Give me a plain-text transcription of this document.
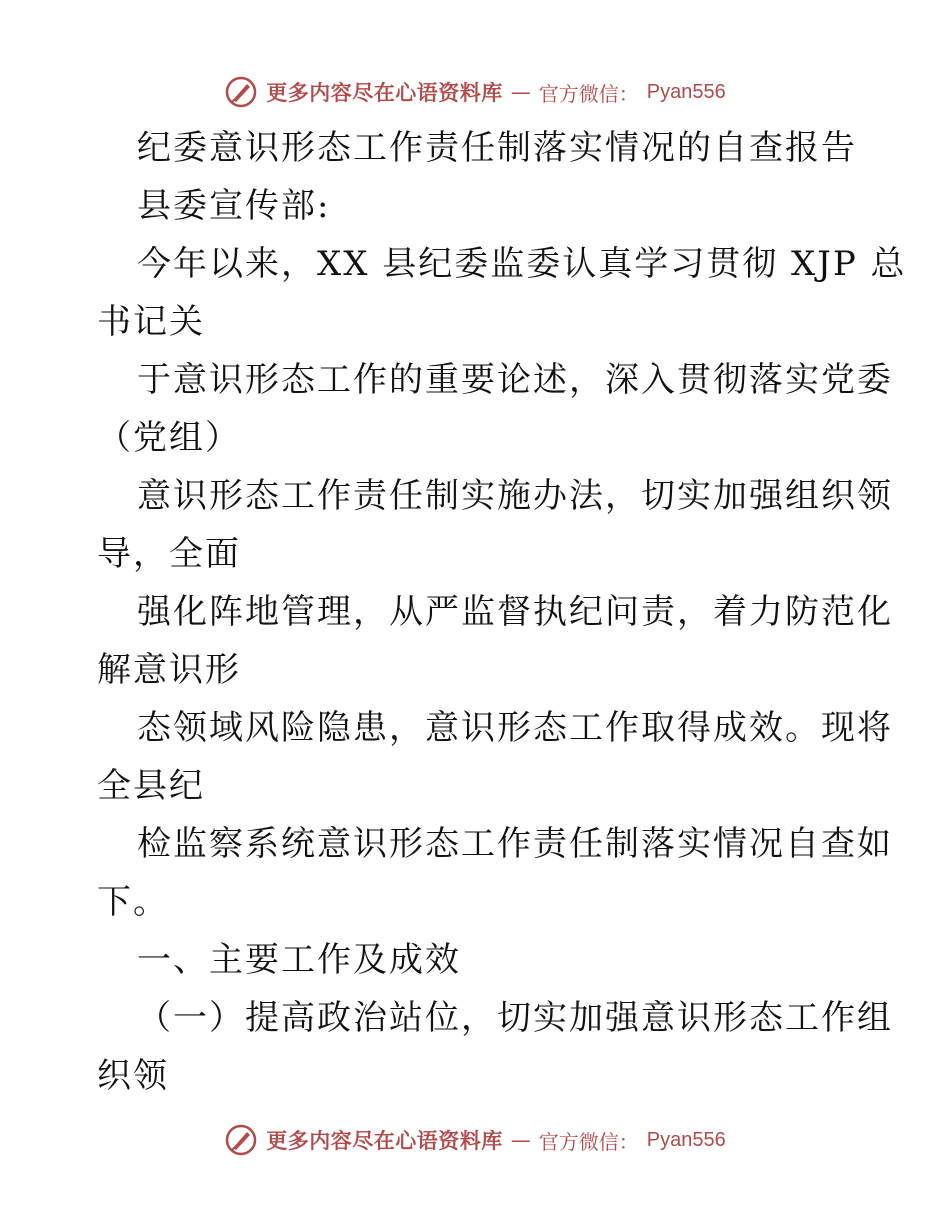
更多内容尽在心语资料库 — 官方微信： Pyan556
纪委意识形态工作责任制落实情况的自查报告
县委宣传部:
今年以来，XX 县纪委监委认真学习贯彻 XJP 总
书记关
于意识形态工作的重要论述，深入贯彻落实党委
（党组）
意识形态工作责任制实施办法，切实加强组织领
导，全面
强化阵地管理，从严监督执纪问责，着力防范化
解意识形
态领域风险隐患，意识形态工作取得成效。现将
全县纪
检监察系统意识形态工作责任制落实情况自查如
下。
一、主要工作及成效
（一）提高政治站位，切实加强意识形态工作组
织领
更多内容尽在心语资料库 — 官方微信： Pyan556
